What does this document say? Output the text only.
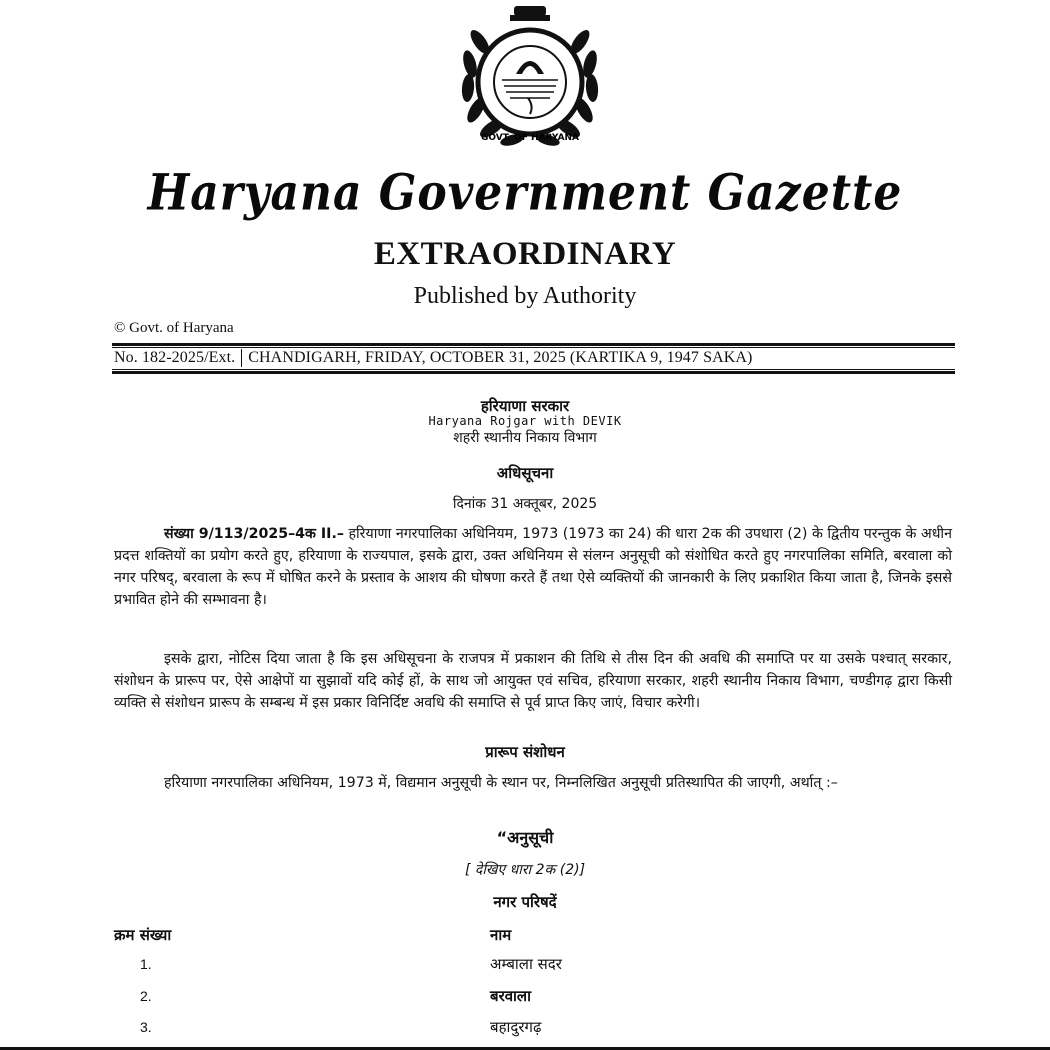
GOVT. OF HARYANA
Haryana Government Gazette
EXTRAORDINARY
Published by Authority
© Govt. of Haryana
No. 182-2025/Ext. CHANDIGARH, FRIDAY, OCTOBER 31, 2025 (KARTIKA 9, 1947 SAKA)
हरियाणा सरकार
Haryana Rojgar with DEVIK
शहरी स्थानीय निकाय विभाग
अधिसूचना
दिनांक 31 अक्तूबर, 2025
संख्या 9/113/2025–4क II.– हरियाणा नगरपालिका अधिनियम, 1973 (1973 का 24) की धारा 2क की उपधारा (2) के द्वितीय परन्तुक के अधीन प्रदत्त शक्तियों का प्रयोग करते हुए, हरियाणा के राज्यपाल, इसके द्वारा, उक्त अधिनियम से संलग्न अनुसूची को संशोधित करते हुए नगरपालिका समिति, बरवाला को नगर परिषद्, बरवाला के रूप में घोषित करने के प्रस्ताव के आशय की घोषणा करते हैं तथा ऐसे व्यक्तियों की जानकारी के लिए प्रकाशित किया जाता है, जिनके इससे प्रभावित होने की सम्भावना है।
इसके द्वारा, नोटिस दिया जाता है कि इस अधिसूचना के राजपत्र में प्रकाशन की तिथि से तीस दिन की अवधि की समाप्ति पर या उसके पश्चात् सरकार, संशोधन के प्रारूप पर, ऐसे आक्षेपों या सुझावों यदि कोई हों, के साथ जो आयुक्त एवं सचिव, हरियाणा सरकार, शहरी स्थानीय निकाय विभाग, चण्डीगढ़ द्वारा किसी व्यक्ति से संशोधन प्रारूप के सम्बन्ध में इस प्रकार विनिर्दिष्ट अवधि की समाप्ति से पूर्व प्राप्त किए जाएं, विचार करेगी।
प्रारूप संशोधन
हरियाणा नगरपालिका अधिनियम, 1973 में, विद्यमान अनुसूची के स्थान पर, निम्नलिखित अनुसूची प्रतिस्थापित की जाएगी, अर्थात् :–
“अनुसूची
[ देखिए धारा 2क (2)]
नगर परिषदें
क्रम संख्या	नाम
1.	अम्बाला सदर
2.	बरवाला
3.	बहादुरगढ़
